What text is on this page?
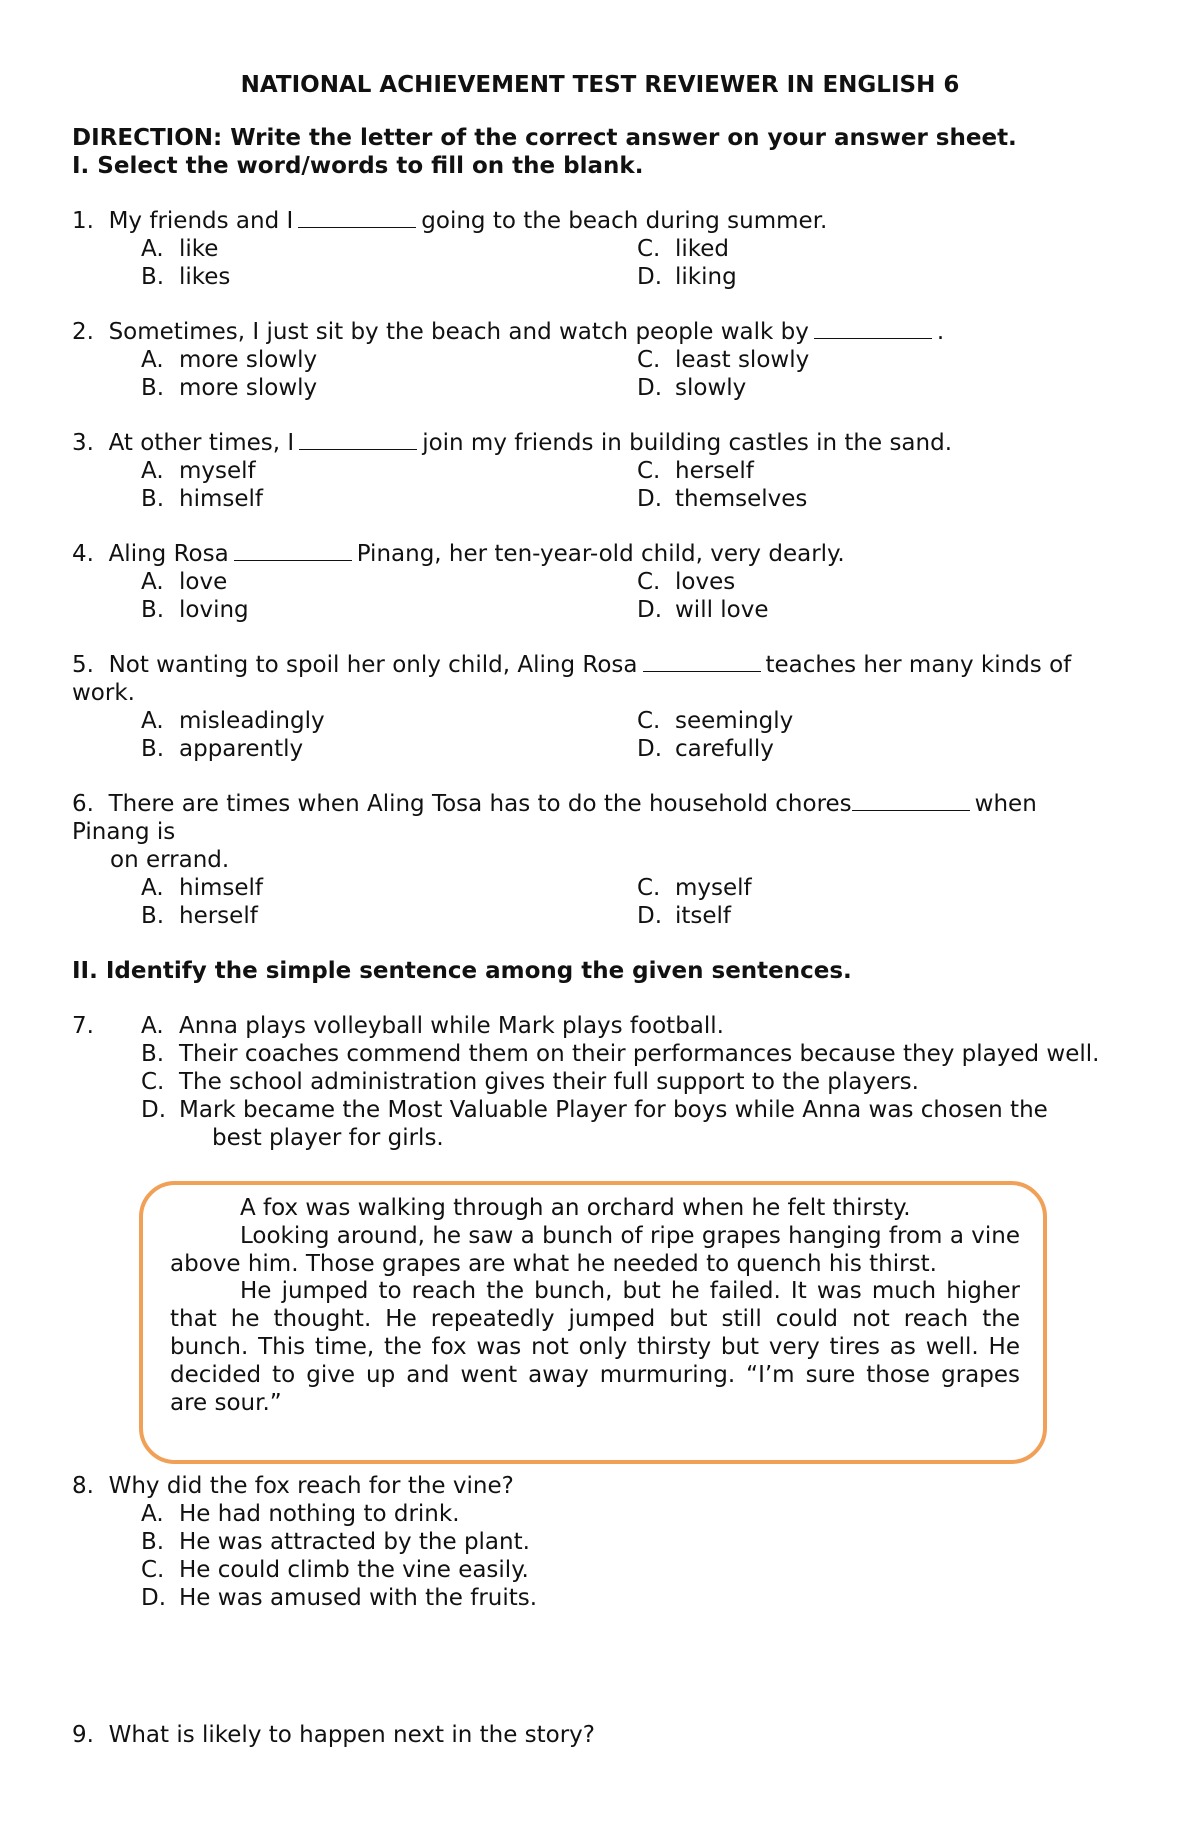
NATIONAL ACHIEVEMENT TEST REVIEWER IN ENGLISH 6
DIRECTION: Write the letter of the correct answer on your answer sheet.
I. Select the word/words to fill on the blank.
1. My friends and I	going to the beach during summer.
A. like	C. liked
B. likes	D. liking
2. Sometimes, I just sit by the beach and watch people walk by	.
A. more slowly	C. least slowly
B. more slowly	D. slowly
3. At other times, I	join my friends in building castles in the sand.
A. myself	C. herself
B. himself	D. themselves
4. Aling Rosa	Pinang, her ten-year-old child, very dearly.
A. love	C. loves
B. loving	D. will love
5. Not wanting to spoil her only child, Aling Rosa	teaches her many kinds of
work.
A. misleadingly	C. seemingly
B. apparently	D. carefully
6. There are times when Aling Tosa has to do the household chores	when
Pinang is
on errand.
A. himself	C. myself
B. herself	D. itself
II. Identify the simple sentence among the given sentences.
7. A. Anna plays volleyball while Mark plays football.
B. Their coaches commend them on their performances because they played well.
C. The school administration gives their full support to the players.
D. Mark became the Most Valuable Player for boys while Anna was chosen the
best player for girls.

A fox was walking through an orchard when he felt thirsty.

Looking around, he saw a bunch of ripe grapes hanging from a vine above him. Those grapes are what he needed to quench his thirst.

He jumped to reach the bunch, but he failed. It was much higher that he thought. He repeatedly jumped but still could not reach the bunch. This time, the fox was not only thirsty but very tires as well. He decided to give up and went away murmuring. “I’m sure those grapes are sour.”

8. Why did the fox reach for the vine?
A. He had nothing to drink.
B. He was attracted by the plant.
C. He could climb the vine easily.
D. He was amused with the fruits.
9. What is likely to happen next in the story?
